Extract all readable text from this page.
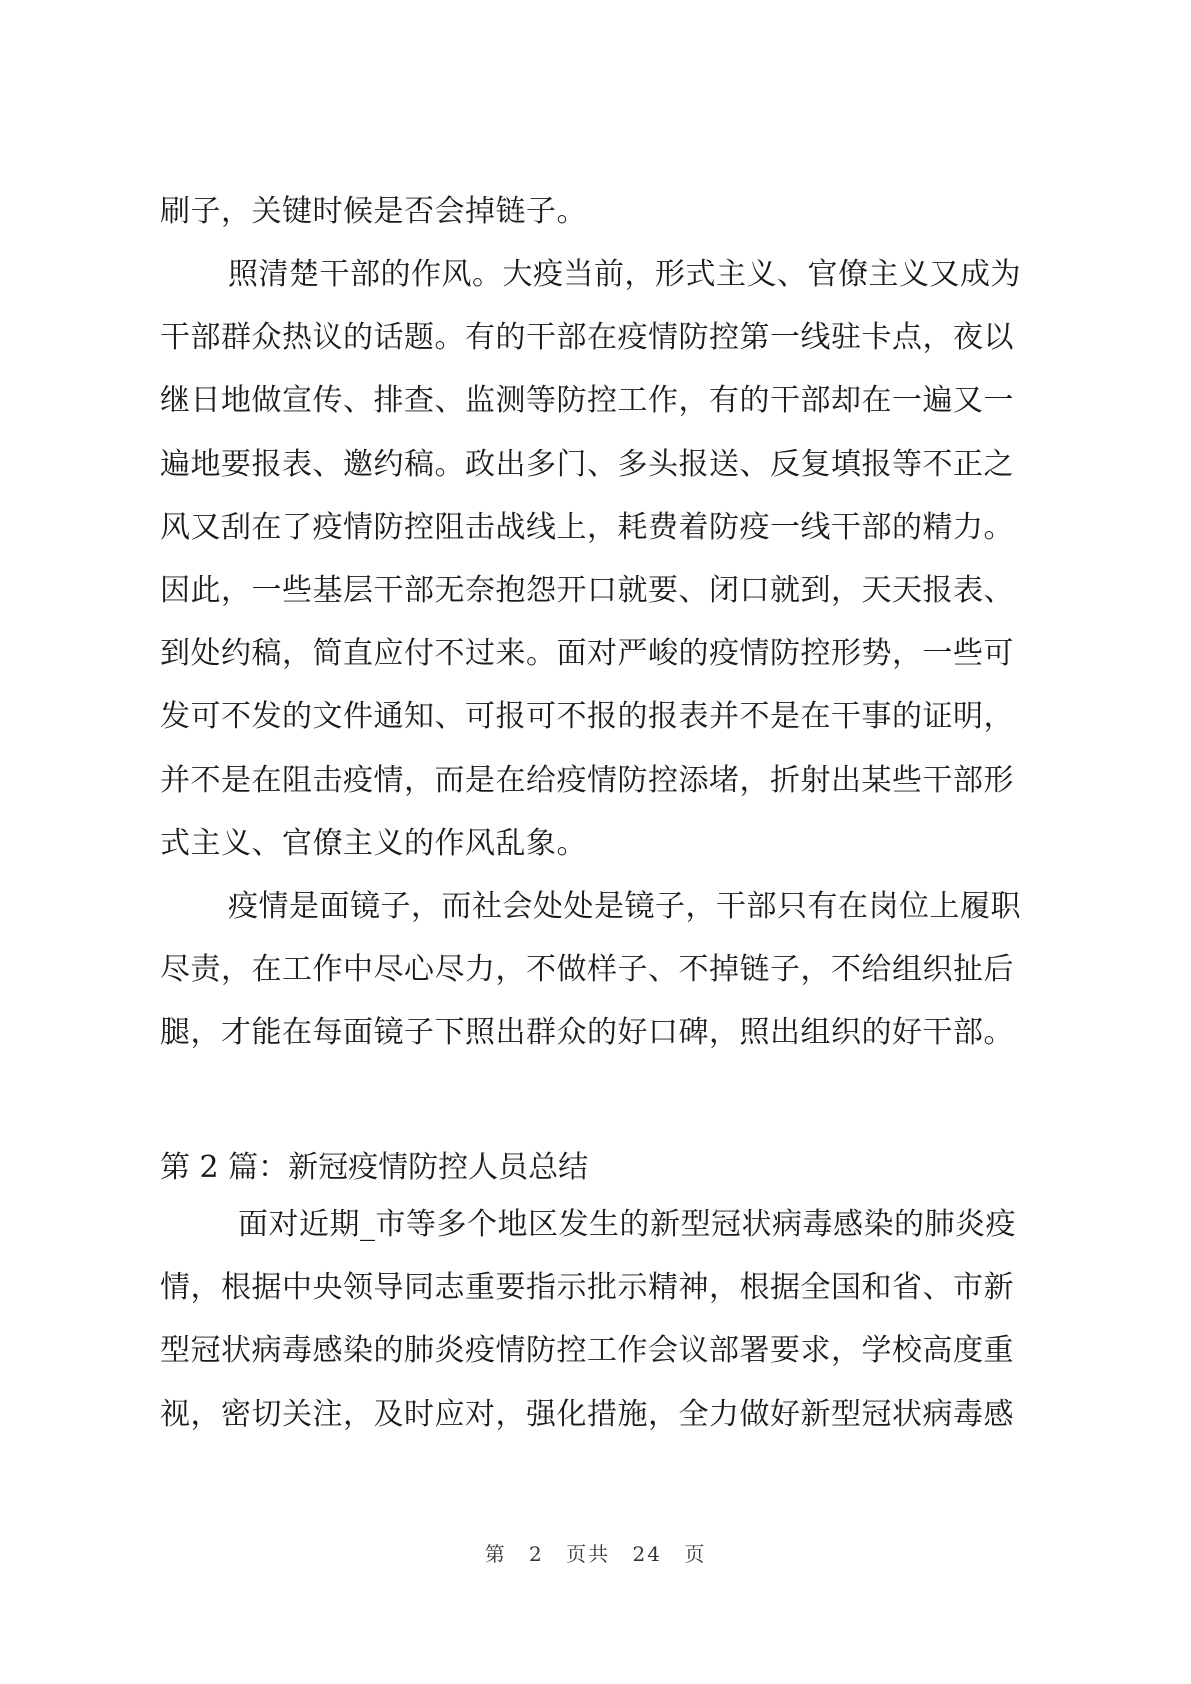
刷子，关键时候是否会掉链子。
照清楚干部的作风。大疫当前，形式主义、官僚主义又成为
干部群众热议的话题。有的干部在疫情防控第一线驻卡点，夜以
继日地做宣传、排查、监测等防控工作，有的干部却在一遍又一
遍地要报表、邀约稿。政出多门、多头报送、反复填报等不正之
风又刮在了疫情防控阻击战线上，耗费着防疫一线干部的精力。
因此，一些基层干部无奈抱怨开口就要、闭口就到，天天报表、
到处约稿，简直应付不过来。面对严峻的疫情防控形势，一些可
发可不发的文件通知、可报可不报的报表并不是在干事的证明，
并不是在阻击疫情，而是在给疫情防控添堵，折射出某些干部形
式主义、官僚主义的作风乱象。
疫情是面镜子，而社会处处是镜子，干部只有在岗位上履职
尽责，在工作中尽心尽力，不做样子、不掉链子，不给组织扯后
腿，才能在每面镜子下照出群众的好口碑，照出组织的好干部。
第 2 篇：新冠疫情防控人员总结
面对近期_市等多个地区发生的新型冠状病毒感染的肺炎疫
情，根据中央领导同志重要指示批示精神，根据全国和省、市新
型冠状病毒感染的肺炎疫情防控工作会议部署要求，学校高度重
视，密切关注，及时应对，强化措施，全力做好新型冠状病毒感
第 2 页共 24 页
